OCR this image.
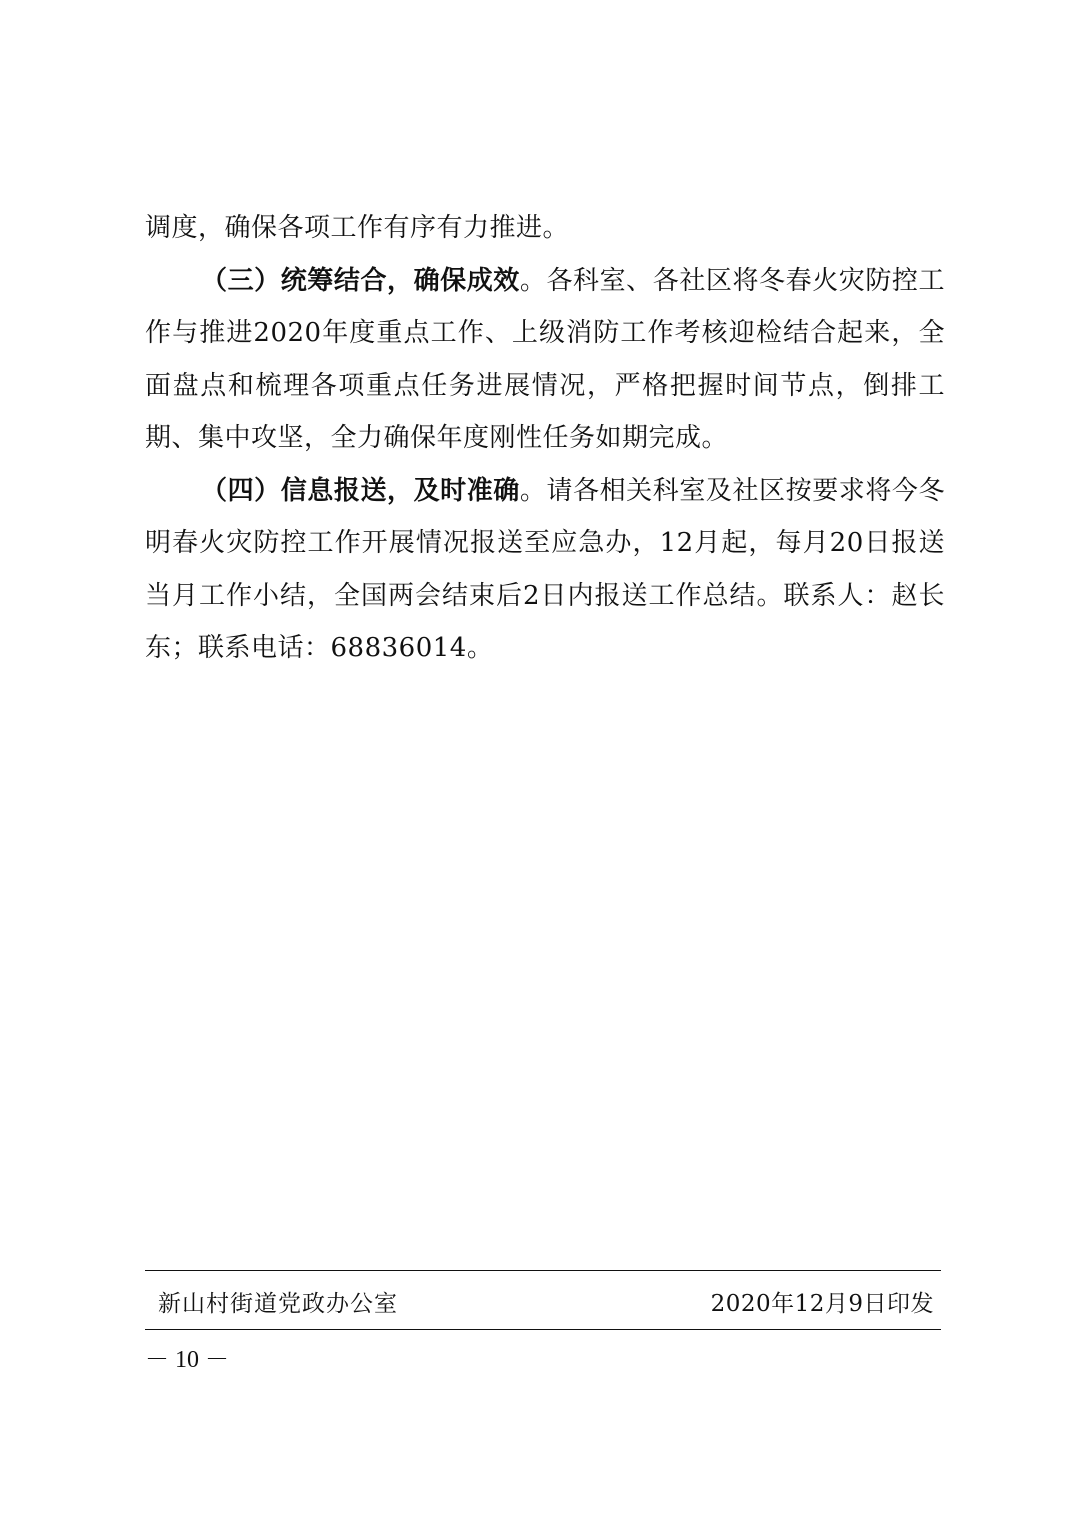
调度，确保各项工作有序有力推进。

（三）统筹结合，确保成效。各科室、各社区将冬春火灾防控工作与推进2020年度重点工作、上级消防工作考核迎检结合起来，全面盘点和梳理各项重点任务进展情况，严格把握时间节点，倒排工期、集中攻坚，全力确保年度刚性任务如期完成。

（四）信息报送，及时准确。请各相关科室及社区按要求将今冬明春火灾防控工作开展情况报送至应急办，12月起，每月20日报送当月工作小结，全国两会结束后2日内报送工作总结。联系人：赵长东；联系电话：68836014。

新山村街道党政办公室	2020年12月9日印发
－ 10 －
